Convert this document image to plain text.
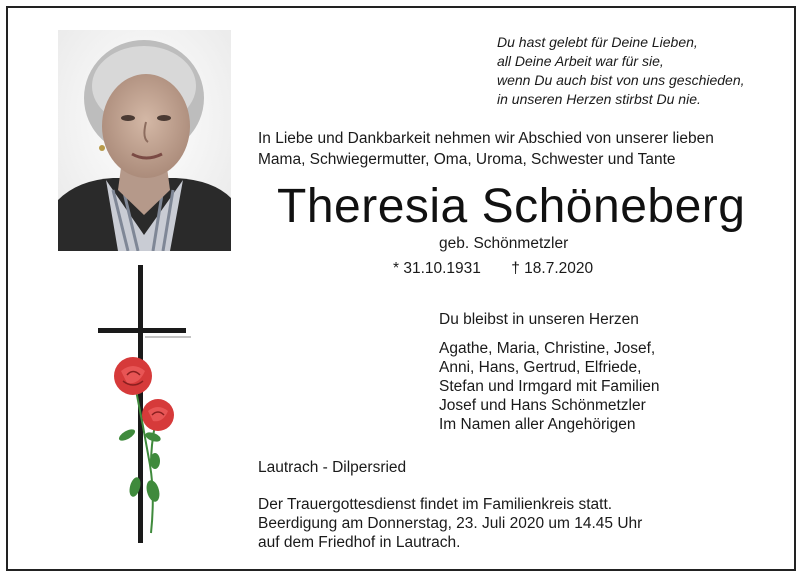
Du hast gelebt für Deine Lieben,
all Deine Arbeit war für sie,
wenn Du auch bist von uns geschieden,
in unseren Herzen stirbst Du nie.
In Liebe und Dankbarkeit nehmen wir Abschied von unserer lieben
Mama, Schwiegermutter, Oma, Uroma, Schwester und Tante
Theresia Schöneberg
geb. Schönmetzler
* 31.10.1931 † 18.7.2020
Du bleibst in unseren Herzen
Agathe, Maria, Christine, Josef,
Anni, Hans, Gertrud, Elfriede,
Stefan und Irmgard mit Familien
Josef und Hans Schönmetzler
Im Namen aller Angehörigen
Lautrach - Dilpersried
Der Trauergottesdienst findet im Familienkreis statt.
Beerdigung am Donnerstag, 23. Juli 2020 um 14.45 Uhr
auf dem Friedhof in Lautrach.
